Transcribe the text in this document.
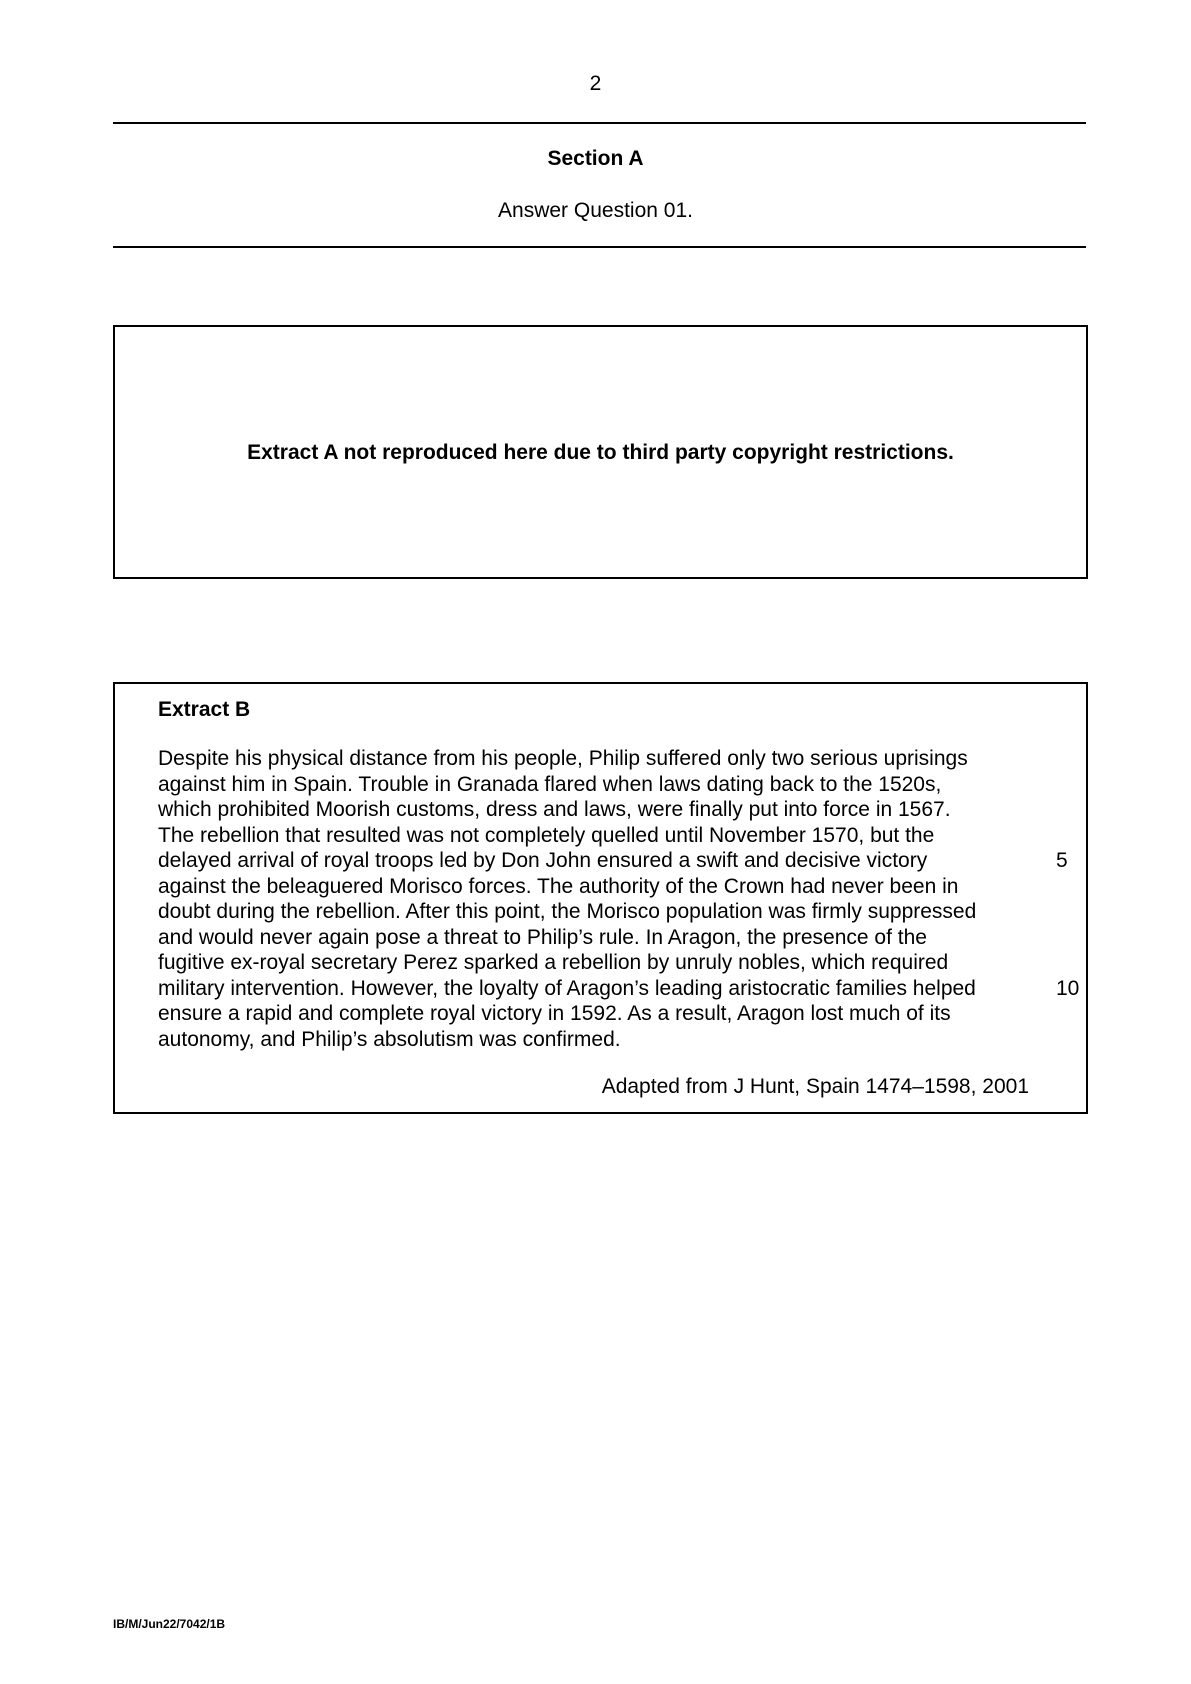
2
Section A
Answer Question 01.
Extract A not reproduced here due to third party copyright restrictions.
Extract B
Despite his physical distance from his people, Philip suffered only two serious uprisings
against him in Spain. Trouble in Granada flared when laws dating back to the 1520s,
which prohibited Moorish customs, dress and laws, were finally put into force in 1567.
The rebellion that resulted was not completely quelled until November 1570, but the
delayed arrival of royal troops led by Don John ensured a swift and decisive victory	5
against the beleaguered Morisco forces. The authority of the Crown had never been in
doubt during the rebellion. After this point, the Morisco population was firmly suppressed
and would never again pose a threat to Philip’s rule. In Aragon, the presence of the
fugitive ex-royal secretary Perez sparked a rebellion by unruly nobles, which required
military intervention. However, the loyalty of Aragon’s leading aristocratic families helped	10
ensure a rapid and complete royal victory in 1592. As a result, Aragon lost much of its
autonomy, and Philip’s absolutism was confirmed.
Adapted from J Hunt, Spain 1474–1598, 2001
IB/M/Jun22/7042/1B
